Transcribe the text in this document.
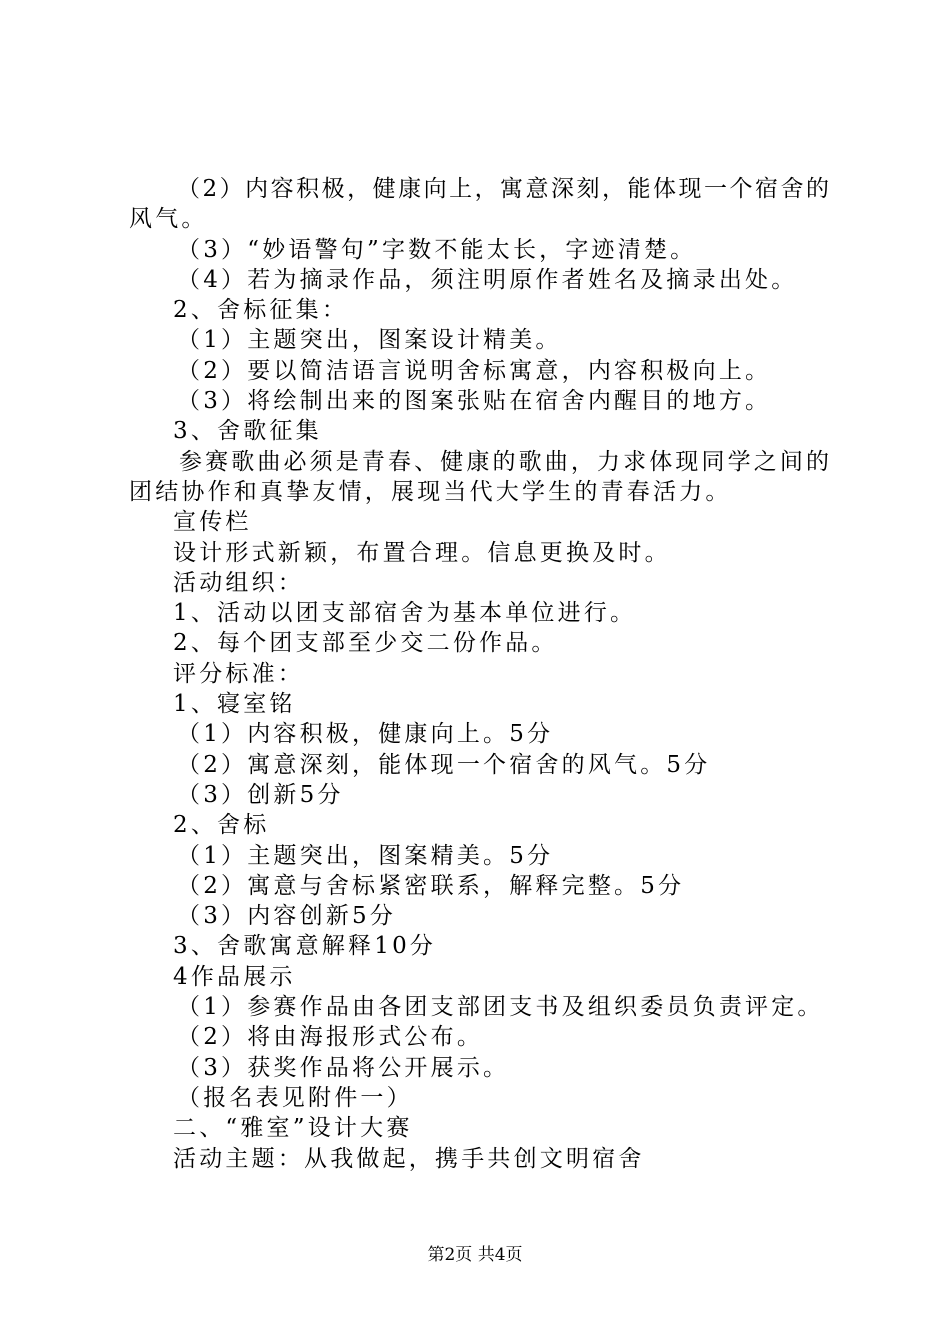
（2）内容积极，健康向上，寓意深刻，能体现一个宿舍的
风气。
（3）“妙语警句”字数不能太长，字迹清楚。
（4）若为摘录作品，须注明原作者姓名及摘录出处。
2、舍标征集：
（1）主题突出，图案设计精美。
（2）要以简洁语言说明舍标寓意，内容积极向上。
（3）将绘制出来的图案张贴在宿舍内醒目的地方。
3、舍歌征集
参赛歌曲必须是青春、健康的歌曲，力求体现同学之间的
团结协作和真挚友情，展现当代大学生的青春活力。
宣传栏
设计形式新颖，布置合理。信息更换及时。
活动组织：
1、活动以团支部宿舍为基本单位进行。
2、每个团支部至少交二份作品。
评分标准：
1、寝室铭
（1）内容积极，健康向上。5分
（2）寓意深刻，能体现一个宿舍的风气。5分
（3）创新5分
2、舍标
（1）主题突出，图案精美。5分
（2）寓意与舍标紧密联系，解释完整。5分
（3）内容创新5分
3、舍歌寓意解释10分
4作品展示
（1）参赛作品由各团支部团支书及组织委员负责评定。
（2）将由海报形式公布。
（3）获奖作品将公开展示。
（报名表见附件一）
二、“雅室”设计大赛
活动主题：从我做起，携手共创文明宿舍
第2页 共4页
